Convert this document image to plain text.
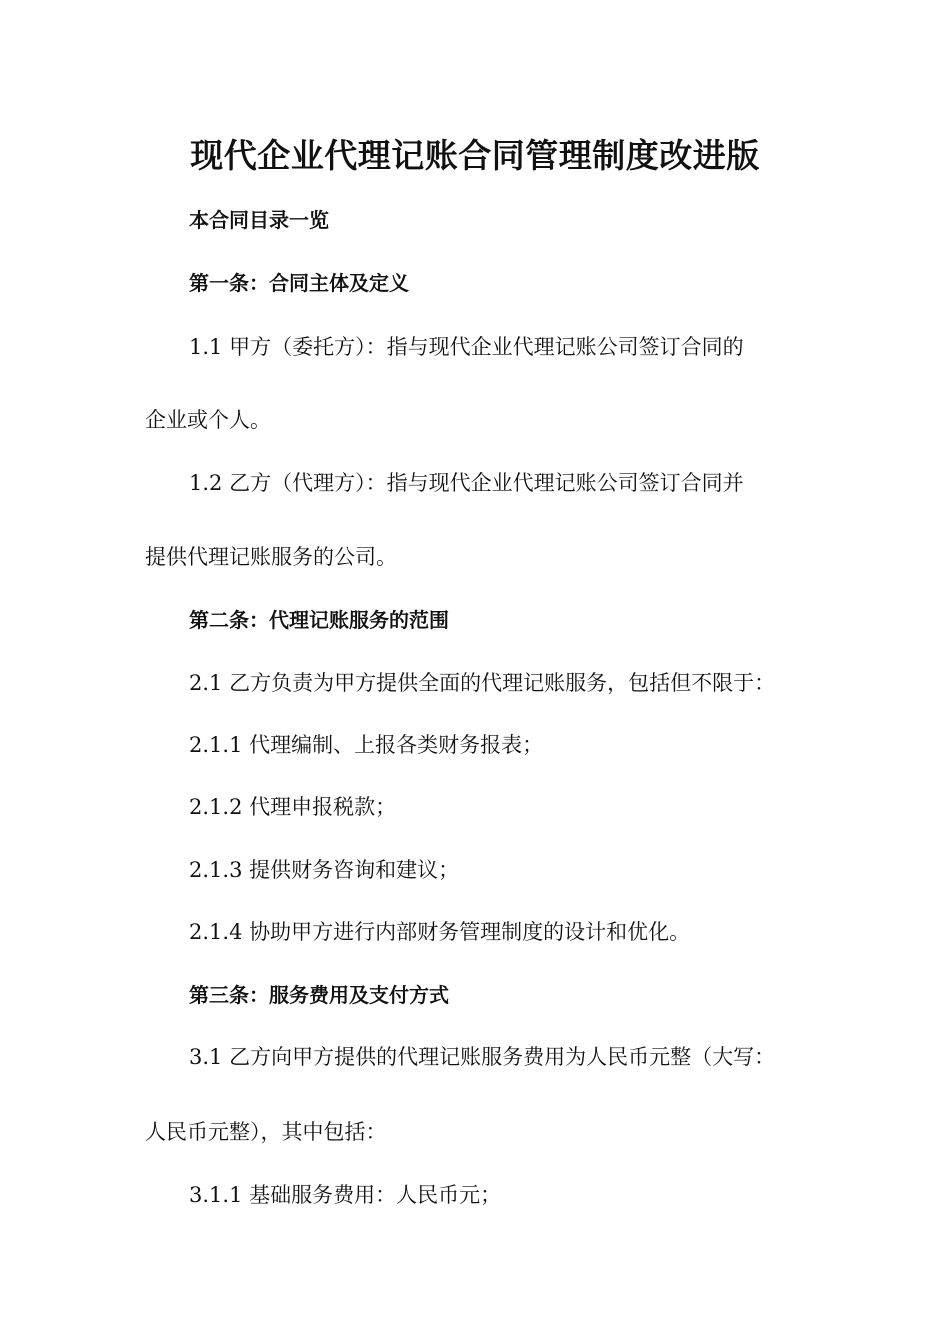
现代企业代理记账合同管理制度改进版
本合同目录一览
第一条：合同主体及定义
1.1 甲方（委托方）：指与现代企业代理记账公司签订合同的
企业或个人。
1.2 乙方（代理方）：指与现代企业代理记账公司签订合同并
提供代理记账服务的公司。
第二条：代理记账服务的范围
2.1 乙方负责为甲方提供全面的代理记账服务，包括但不限于：
2.1.1 代理编制、上报各类财务报表；
2.1.2 代理申报税款；
2.1.3 提供财务咨询和建议；
2.1.4 协助甲方进行内部财务管理制度的设计和优化。
第三条：服务费用及支付方式
3.1 乙方向甲方提供的代理记账服务费用为人民币元整（大写：
人民币元整），其中包括：
3.1.1 基础服务费用：人民币元；
